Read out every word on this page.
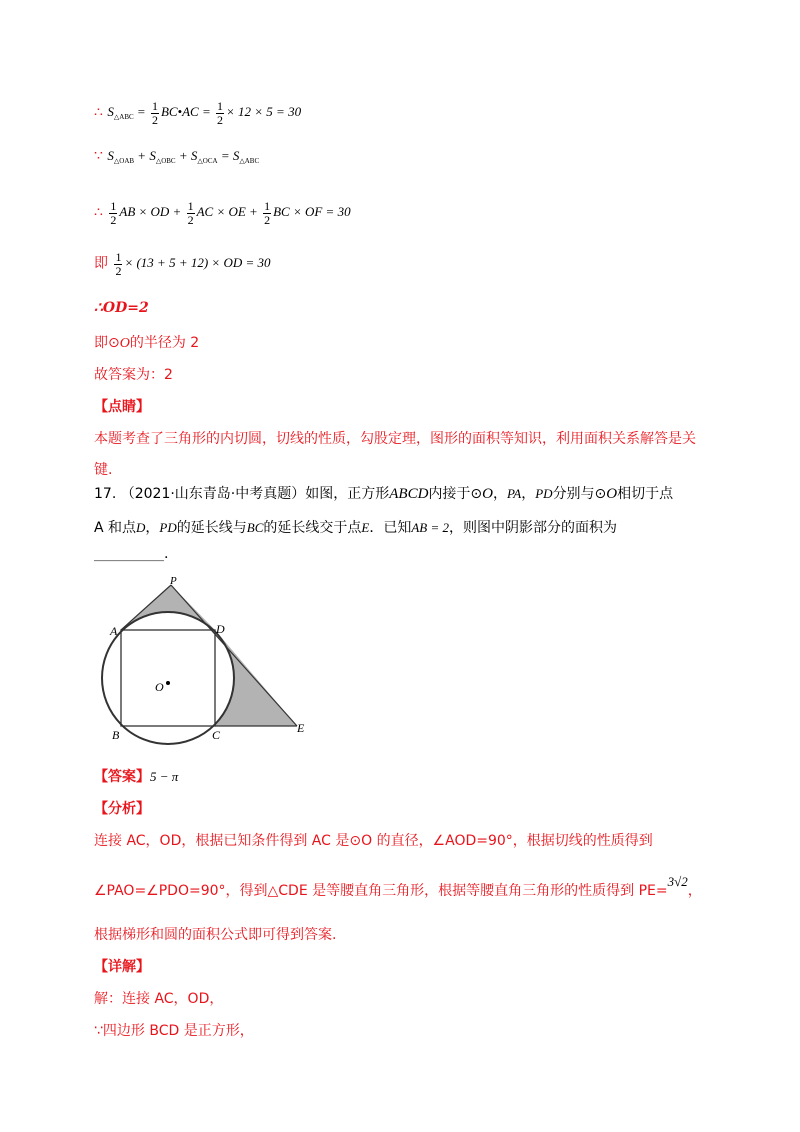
∴ $S_{\triangle ABC} = \frac{1}{2}$ BC•AC = $\frac{1}{2} \times 12 \times 5 = 30$
∵ $S_{\triangle OAB} + S_{\triangle OBC} + S_{\triangle OCA} = S_{\triangle ABC}$
∴ $\frac{1}{2}$ AB × OD + $\frac{1}{2}$ AC × OE + $\frac{1}{2}$ BC × OF = 30
即 $\frac{1}{2} \times (13 + 5 + 12)$ × OD = 30
∴OD=2
即⊙O的半径为 2
故答案为：2
【点睛】
本题考查了三角形的内切圆，切线的性质，勾股定理，图形的面积等知识，利用面积关系解答是关
键.
17. （2021·山东青岛·中考真题）如图，正方形ABCD内接于⊙O，PA，PD分别与⊙O相切于点
A 和点D，PD的延长线与BC的延长线交于点E．已知AB = 2，则图中阴影部分的面积为
__________.
P
A	D
O
B	C	E
【答案】5 − π
【分析】
连接 AC，OD，根据已知条件得到 AC 是⊙O 的直径，∠AOD=90°，根据切线的性质得到
∠PAO=∠PDO=90°，得到△CDE 是等腰直角三角形，根据等腰直角三角形的性质得到 PE=3√2，
根据梯形和圆的面积公式即可得到答案.
【详解】
解：连接 AC，OD，
∵四边形 BCD 是正方形，
